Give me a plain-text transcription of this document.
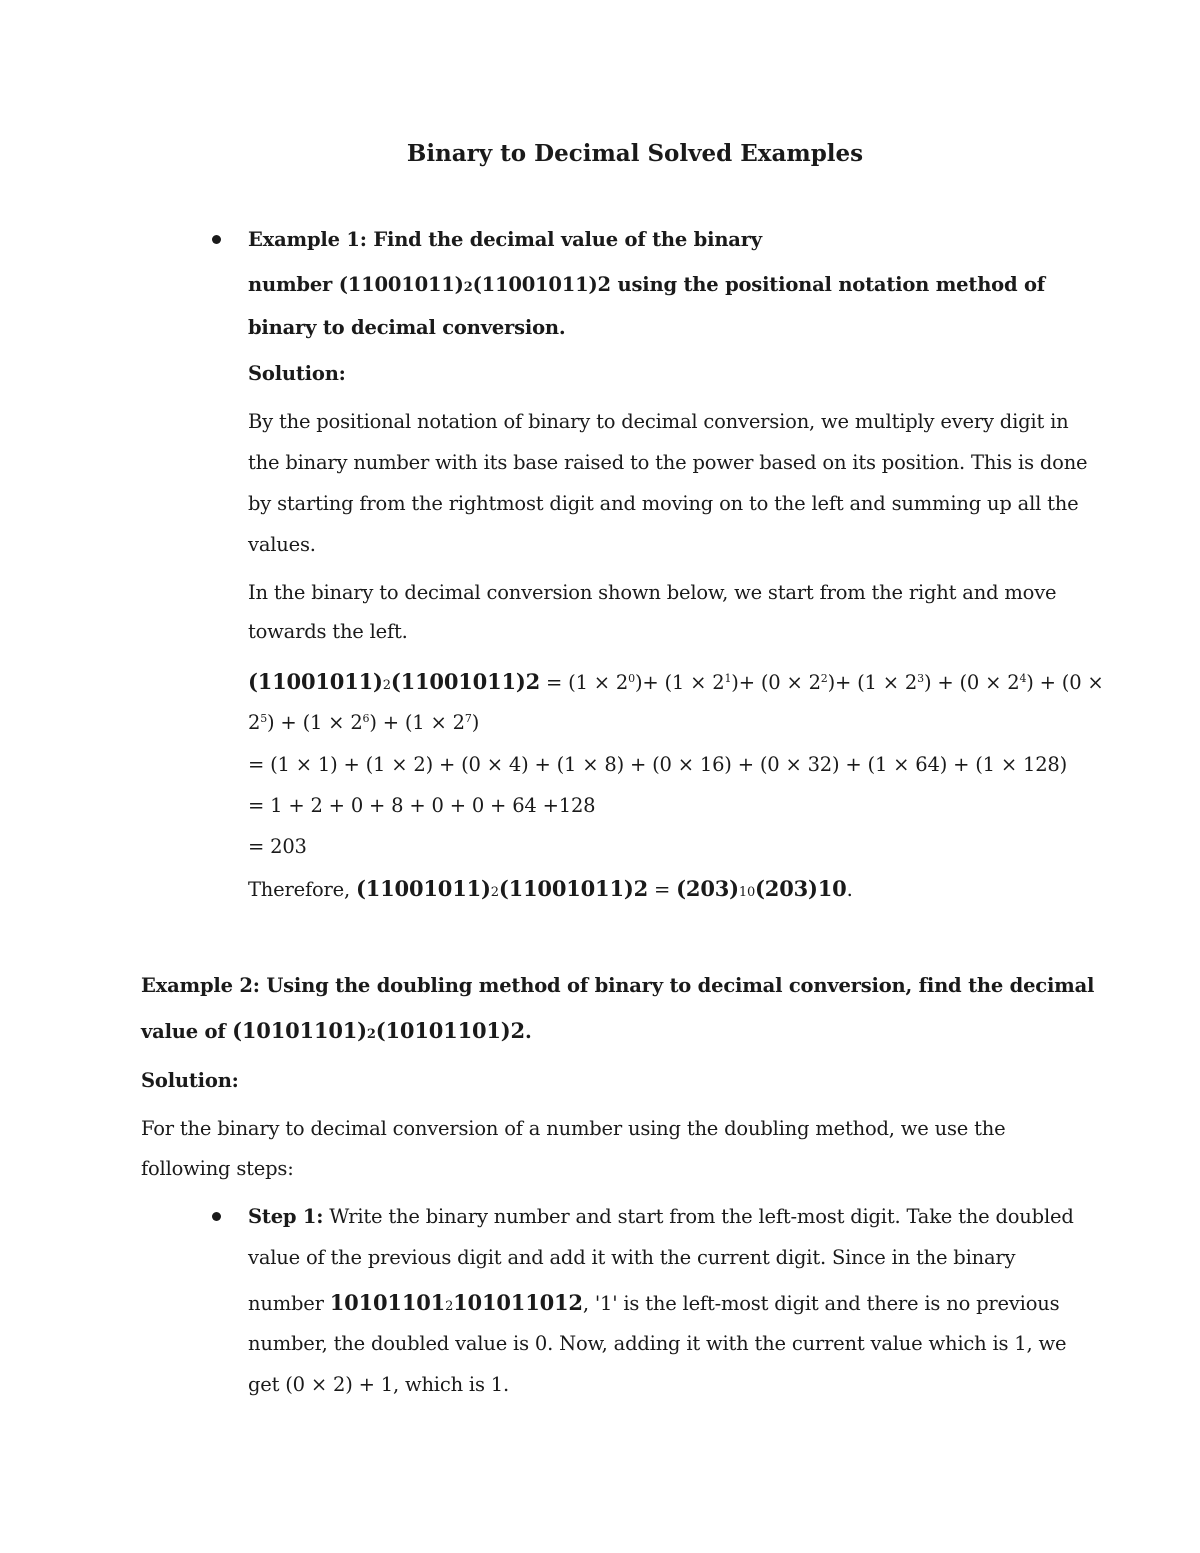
Binary to Decimal Solved Examples
Example 1: Find the decimal value of the binary
number (11001011)2(11001011)2 using the positional notation method of
binary to decimal conversion.
Solution:
By the positional notation of binary to decimal conversion, we multiply every digit in
the binary number with its base raised to the power based on its position. This is done
by starting from the rightmost digit and moving on to the left and summing up all the
values.
In the binary to decimal conversion shown below, we start from the right and move
towards the left.
$(11001011)2(11001011)2 = (1 \times 2^0)+ (1 \times 2^1)+ (0 \times 2^2)+ (1 \times 2^3) + (0 \times 2^4) + (0$ ×
$2^5) + (1 \times 2^6) + (1 \times 2^7)$
= (1 × 1) + (1 × 2) + (0 × 4) + (1 × 8) + (0 × 16) + (0 × 32) + (1 × 64) + (1 × 128)
= 1 + 2 + 0 + 8 + 0 + 0 + 64 +128
= 203
Therefore, (11001011)2(11001011)2 = (203)10(203)10.
Example 2: Using the doubling method of binary to decimal conversion, find the decimal
value of (10101101)2(10101101)2.
Solution:
For the binary to decimal conversion of a number using the doubling method, we use the
following steps:
Step 1: Write the binary number and start from the left-most digit. Take the doubled
value of the previous digit and add it with the current digit. Since in the binary
number 101011012101011012, '1' is the left-most digit and there is no previous
number, the doubled value is 0. Now, adding it with the current value which is 1, we
get (0 × 2) + 1, which is 1.
